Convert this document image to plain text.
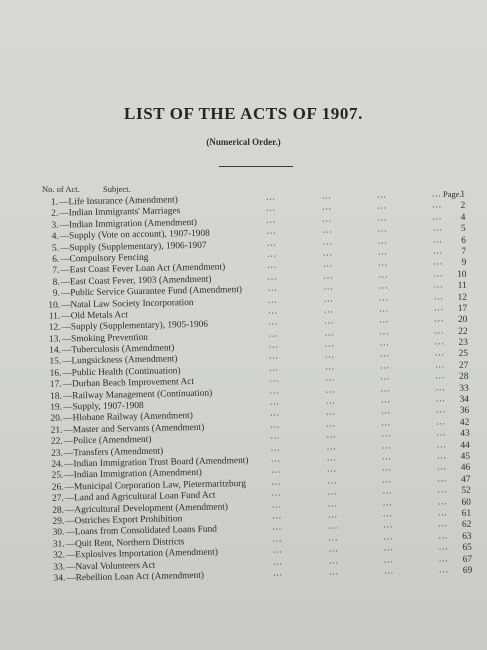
LIST OF THE ACTS OF 1907.
(Numerical Order.)
No. of Act.	Subject.	Page.
1. —Life Insurance (Amendment)	...	...	...	...	1
2. —Indian Immigrants' Marriages	...	...	...	...	2
3. —Indian Immigration (Amendment)	...	...	...	...	4
4. —Supply (Vote on account), 1907-1908	...	...	...	...	5
5. —Supply (Supplementary), 1906-1907	...	...	...	...	6
6. —Compulsory Fencing	...	...	...	...	7
7. —East Coast Fever Loan Act (Amendment)	...	...	...	...	9
8. —East Coast Fever, 1903 (Amendment)	...	...	...	...	10
9. —Public Service Guarantee Fund (Amendment)	...	...	...	...	11
10. —Natal Law Society Incorporation	...	...	...	...	12
11. —Old Metals Act	...	...	...	...	17
12. —Supply (Supplementary), 1905-1906	...	...	...	...	20
13. —Smoking Prevention	...	...	...	...	22
14. —Tuberculosis (Amendment)	...	...	...	...	23
15. —Lungsickness (Amendment)	...	...	...	...	25
16. —Public Health (Continuation)	...	...	...	...	27
17. —Durban Beach Improvement Act	...	...	...	...	28
18. —Railway Management (Continuation)	...	...	...	...	33
19. —Supply, 1907-1908	...	...	...	...	34
20. —Hlobane Railway (Amendment)	...	...	...	...	36
21. —Master and Servants (Amendment)	...	...	...	...	42
22. —Police (Amendment)	...	...	...	...	43
23. —Transfers (Amendment)	...	...	...	...	44
24. —Indian Immigration Trust Board (Amendment) ...	...	...	...	45
25. —Indian Immigration (Amendment)	...	...	...	...	46
26. —Municipal Corporation Law, Pietermaritzburg	...	...	...	...	47
27. —Land and Agricultural Loan Fund Act	...	...	...	...	52
28. —Agricultural Development (Amendment)	...	...	...	...	60
29. —Ostriches Export Prohibition	...	...	...	...	61
30. —Loans from Consolidated Loans Fund	...	...	...	...	62
31. —Quit Rent, Northern Districts	...	...	...	...	63
32. —Explosives Importation (Amendment)	...	...	...	...	65
33. —Naval Volunteers Act	...	...	...	...	67
34. —Rebellion Loan Act (Amendment)	...	...	...	...	69
